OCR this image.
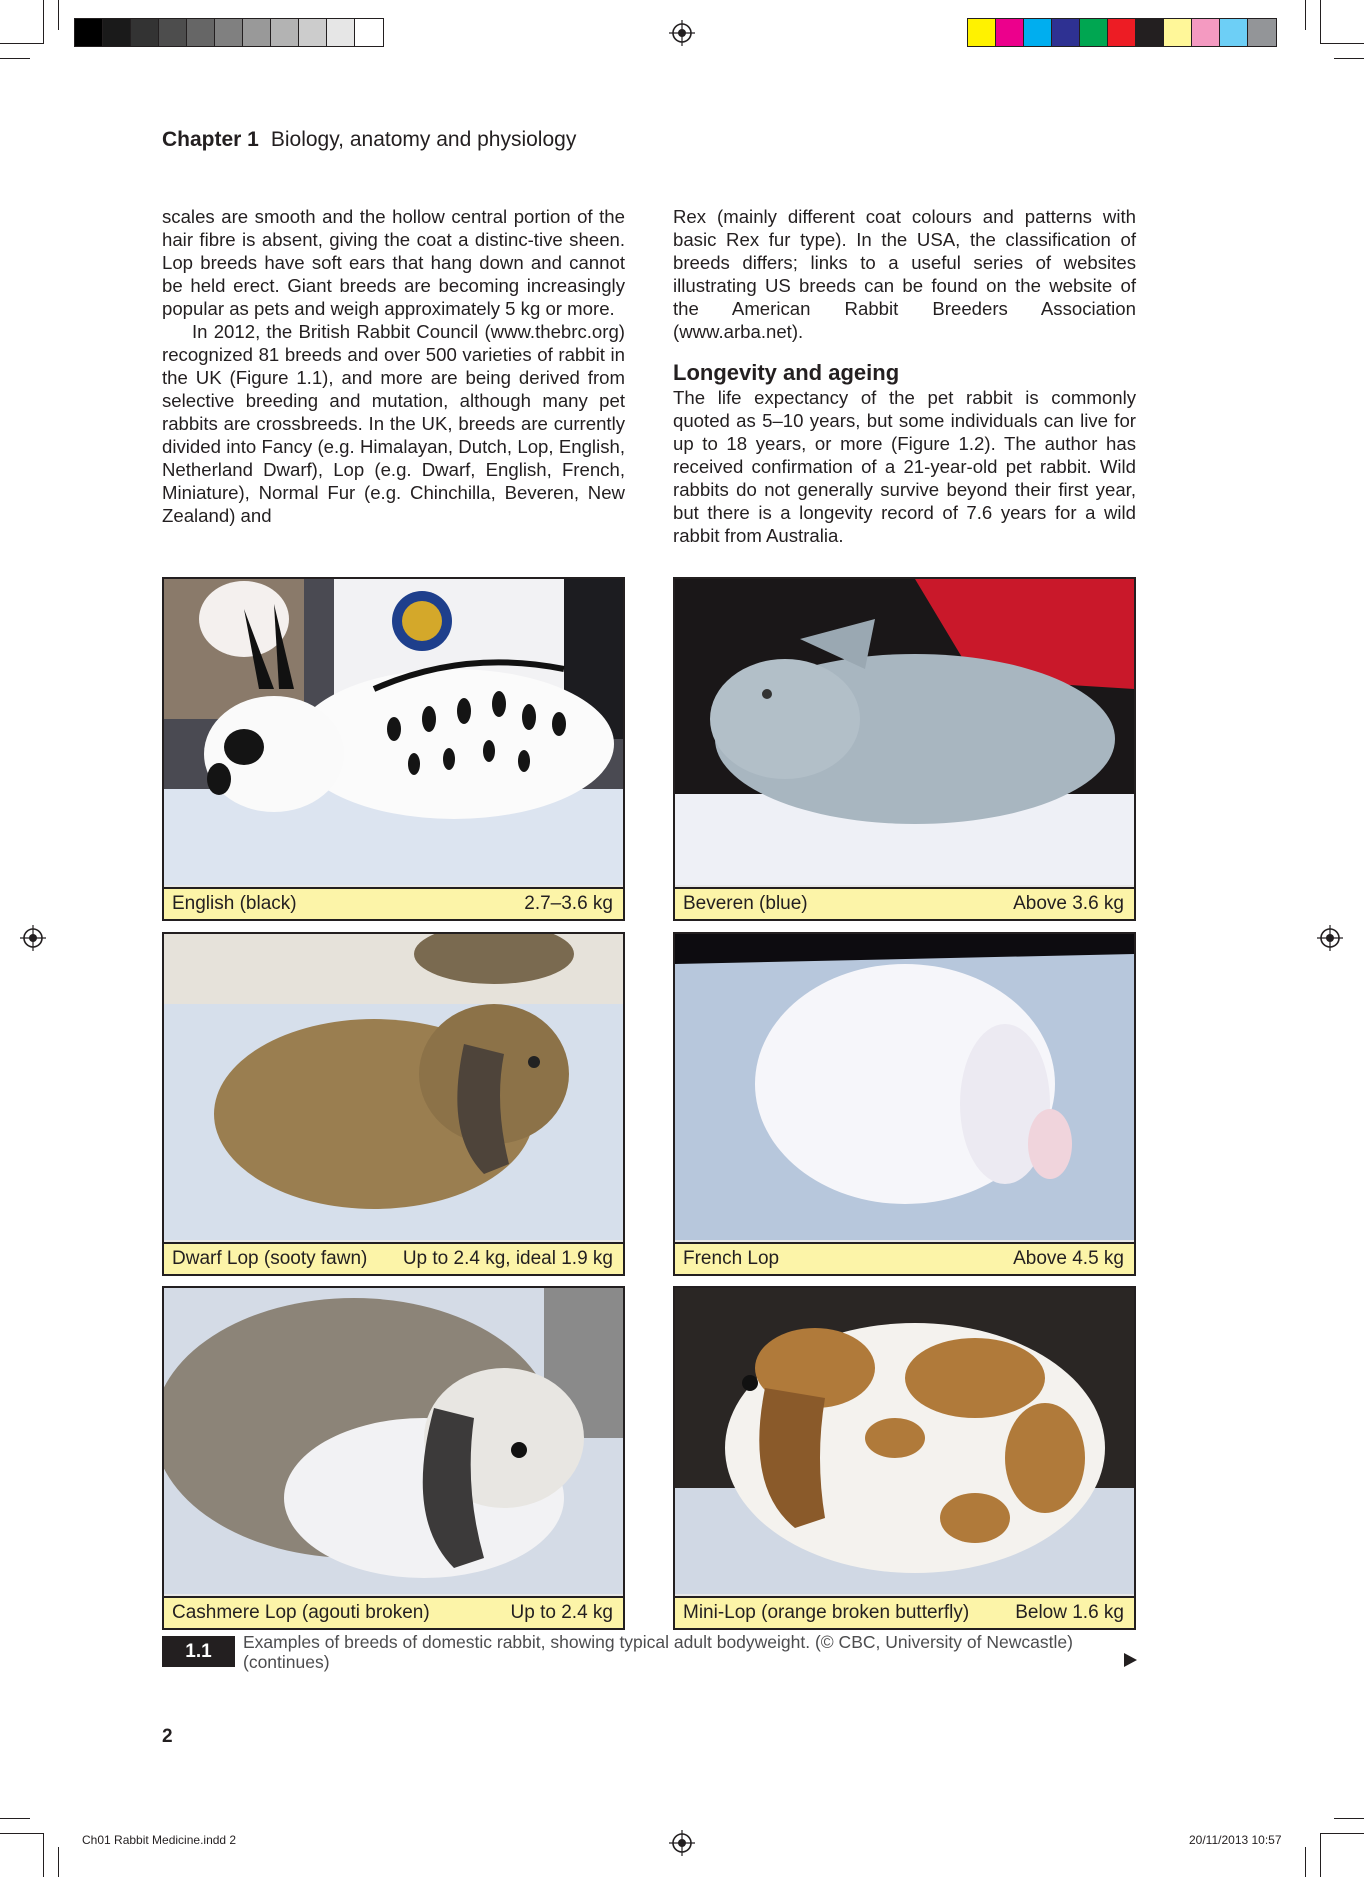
Chapter 1 Biology, anatomy and physiology

scales are smooth and the hollow central portion of the hair fibre is absent, giving the coat a distinc-tive sheen. Lop breeds have soft ears that hang down and cannot be held erect. Giant breeds are becoming increasingly popular as pets and weigh approximately 5 kg or more.

In 2012, the British Rabbit Council (www.thebrc.org) recognized 81 breeds and over 500 varieties of rabbit in the UK (Figure 1.1), and more are being derived from selective breeding and mutation, although many pet rabbits are crossbreeds. In the UK, breeds are currently divided into Fancy (e.g. Himalayan, Dutch, Lop, English, Netherland Dwarf), Lop (e.g. Dwarf, English, French, Miniature), Normal Fur (e.g. Chinchilla, Beveren, New Zealand) and

Rex (mainly different coat colours and patterns with basic Rex fur type). In the USA, the classification of breeds differs; links to a useful series of websites illustrating US breeds can be found on the website of the American Rabbit Breeders Association (www.arba.net).

Longevity and ageing

The life expectancy of the pet rabbit is commonly quoted as 5–10 years, but some individuals can live for up to 18 years, or more (Figure 1.2). The author has received confirmation of a 21-year-old pet rabbit. Wild rabbits do not generally survive beyond their first year, but there is a longevity record of 7.6 years for a wild rabbit from Australia.

English (black)	2.7–3.6 kg	Beveren (blue)	Above 3.6 kg
Dwarf Lop (sooty fawn) Up to 2.4 kg, ideal 1.9 kg	French Lop	Above 4.5 kg
Cashmere Lop (agouti broken)	Up to 2.4 kg	Mini-Lop (orange broken butterfly) Below 1.6 kg
1.1	Examples of breeds of domestic rabbit, showing typical adult bodyweight. (© CBC, University of Newcastle)
(continues)
2
Ch01 Rabbit Medicine.indd 2	20/11/2013 10:57
